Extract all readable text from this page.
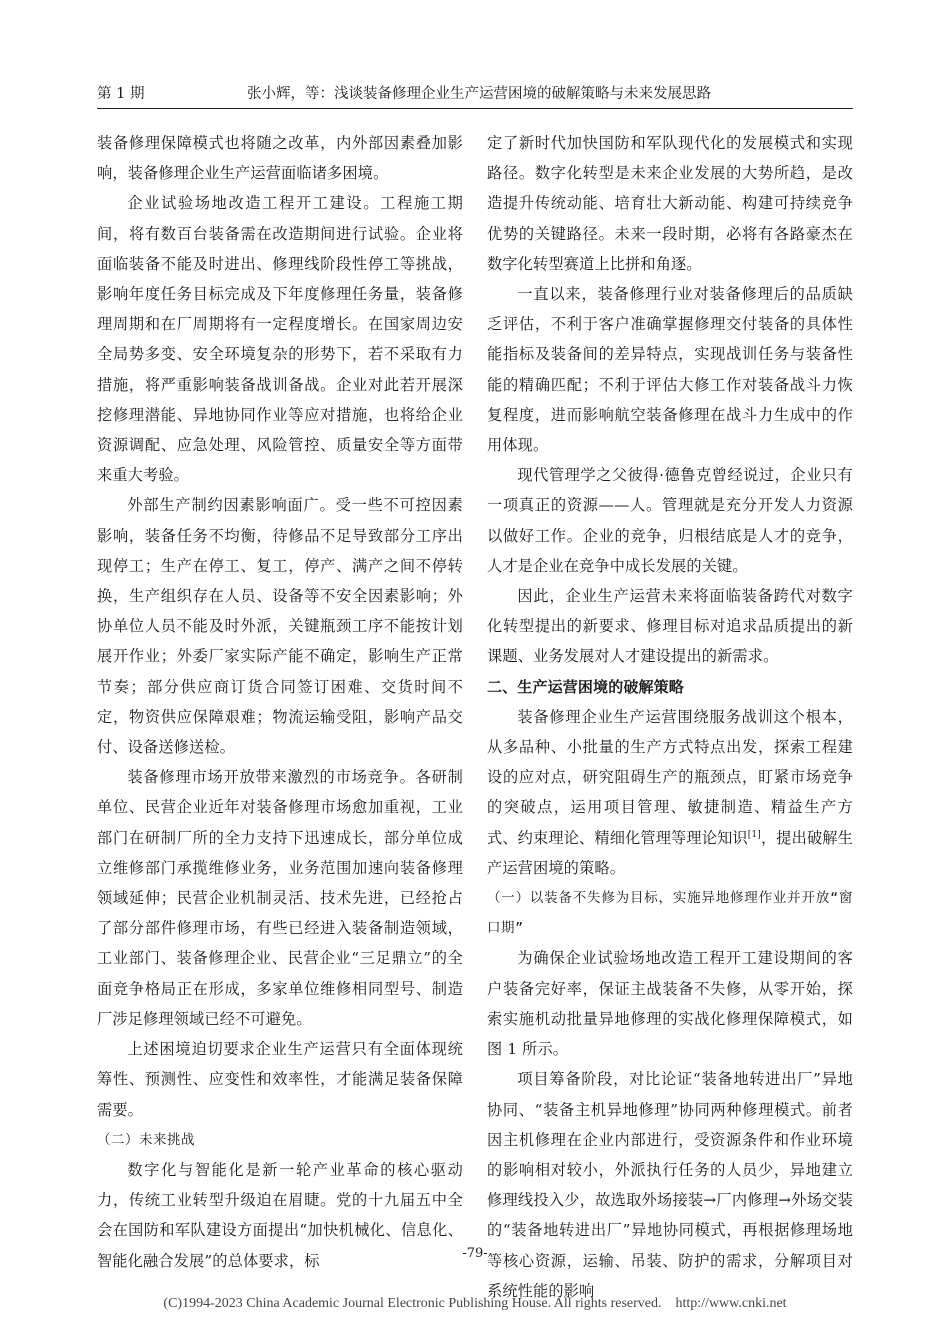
第 1 期	张小辉，等：浅谈装备修理企业生产运营困境的破解策略与未来发展思路

装备修理保障模式也将随之改革，内外部因素叠加影响，装备修理企业生产运营面临诸多困境。

企业试验场地改造工程开工建设。工程施工期间，将有数百台装备需在改造期间进行试验。企业将面临装备不能及时进出、修理线阶段性停工等挑战，影响年度任务目标完成及下年度修理任务量，装备修理周期和在厂周期将有一定程度增长。在国家周边安全局势多变、安全环境复杂的形势下，若不采取有力措施，将严重影响装备战训备战。企业对此若开展深挖修理潜能、异地协同作业等应对措施，也将给企业资源调配、应急处理、风险管控、质量安全等方面带来重大考验。

外部生产制约因素影响面广。受一些不可控因素影响，装备任务不均衡，待修品不足导致部分工序出现停工；生产在停工、复工，停产、满产之间不停转换，生产组织存在人员、设备等不安全因素影响；外协单位人员不能及时外派，关键瓶颈工序不能按计划展开作业；外委厂家实际产能不确定，影响生产正常节奏；部分供应商订货合同签订困难、交货时间不定，物资供应保障艰难；物流运输受阻，影响产品交付、设备送修送检。

装备修理市场开放带来激烈的市场竞争。各研制单位、民营企业近年对装备修理市场愈加重视，工业部门在研制厂所的全力支持下迅速成长，部分单位成立维修部门承揽维修业务，业务范围加速向装备修理领域延伸；民营企业机制灵活、技术先进，已经抢占了部分部件修理市场，有些已经进入装备制造领域，工业部门、装备修理企业、民营企业“三足鼎立”的全面竞争格局正在形成，多家单位维修相同型号、制造厂涉足修理领域已经不可避免。

上述困境迫切要求企业生产运营只有全面体现统筹性、预测性、应变性和效率性，才能满足装备保障需要。

（二）未来挑战

数字化与智能化是新一轮产业革命的核心驱动力，传统工业转型升级迫在眉睫。党的十九届五中全会在国防和军队建设方面提出“加快机械化、信息化、智能化融合发展”的总体要求，标

定了新时代加快国防和军队现代化的发展模式和实现路径。数字化转型是未来企业发展的大势所趋，是改造提升传统动能、培育壮大新动能、构建可持续竞争优势的关键路径。未来一段时期，必将有各路豪杰在数字化转型赛道上比拼和角逐。

一直以来，装备修理行业对装备修理后的品质缺乏评估，不利于客户准确掌握修理交付装备的具体性能指标及装备间的差异特点，实现战训任务与装备性能的精确匹配；不利于评估大修工作对装备战斗力恢复程度，进而影响航空装备修理在战斗力生成中的作用体现。

现代管理学之父彼得·德鲁克曾经说过，企业只有一项真正的资源——人。管理就是充分开发人力资源以做好工作。企业的竞争，归根结底是人才的竞争，人才是企业在竞争中成长发展的关键。

因此，企业生产运营未来将面临装备跨代对数字化转型提出的新要求、修理目标对追求品质提出的新课题、业务发展对人才建设提出的新需求。

二、生产运营困境的破解策略

装备修理企业生产运营围绕服务战训这个根本，从多品种、小批量的生产方式特点出发，探索工程建设的应对点，研究阻碍生产的瓶颈点，盯紧市场竞争的突破点，运用项目管理、敏捷制造、精益生产方式、约束理论、精细化管理等理论知识[1]，提出破解生产运营困境的策略。

（一）以装备不失修为目标，实施异地修理作业并开放“窗口期”

为确保企业试验场地改造工程开工建设期间的客户装备完好率，保证主战装备不失修，从零开始，探索实施机动批量异地修理的实战化修理保障模式，如图 1 所示。

项目筹备阶段，对比论证“装备地转进出厂”异地协同、“装备主机异地修理”协同两种修理模式。前者因主机修理在企业内部进行，受资源条件和作业环境的影响相对较小，外派执行任务的人员少，异地建立修理线投入少，故选取外场接装→厂内修理→外场交装的“装备地转进出厂”异地协同模式，再根据修理场地等核心资源，运输、吊装、防护的需求，分解项目对系统性能的影响

-79-
(C)1994-2023 China Academic Journal Electronic Publishing House. All rights reserved.    http://www.cnki.net
